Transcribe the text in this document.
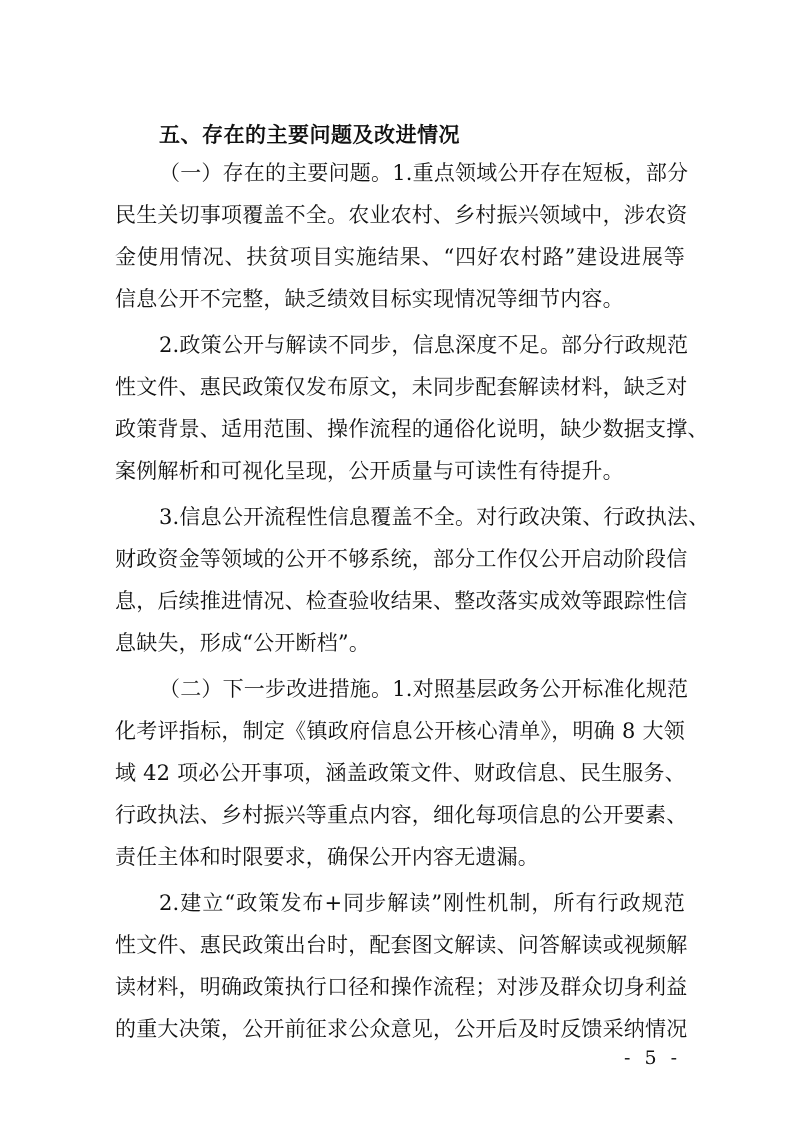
五、存在的主要问题及改进情况
（一）存在的主要问题。1.重点领域公开存在短板，部分
民生关切事项覆盖不全。农业农村、乡村振兴领域中，涉农资
金使用情况、扶贫项目实施结果、“四好农村路”建设进展等
信息公开不完整，缺乏绩效目标实现情况等细节内容。
2.政策公开与解读不同步，信息深度不足。部分行政规范
性文件、惠民政策仅发布原文，未同步配套解读材料，缺乏对
政策背景、适用范围、操作流程的通俗化说明，缺少数据支撑、
案例解析和可视化呈现，公开质量与可读性有待提升。
3.信息公开流程性信息覆盖不全。对行政决策、行政执法、
财政资金等领域的公开不够系统，部分工作仅公开启动阶段信
息，后续推进情况、检查验收结果、整改落实成效等跟踪性信
息缺失，形成“公开断档”。
（二）下一步改进措施。1.对照基层政务公开标准化规范
化考评指标，制定《镇政府信息公开核心清单》，明确 8 大领
域 42 项必公开事项，涵盖政策文件、财政信息、民生服务、
行政执法、乡村振兴等重点内容，细化每项信息的公开要素、
责任主体和时限要求，确保公开内容无遗漏。
2.建立“政策发布+同步解读”刚性机制，所有行政规范
性文件、惠民政策出台时，配套图文解读、问答解读或视频解
读材料，明确政策执行口径和操作流程；对涉及群众切身利益
的重大决策，公开前征求公众意见，公开后及时反馈采纳情况
- 5 -
